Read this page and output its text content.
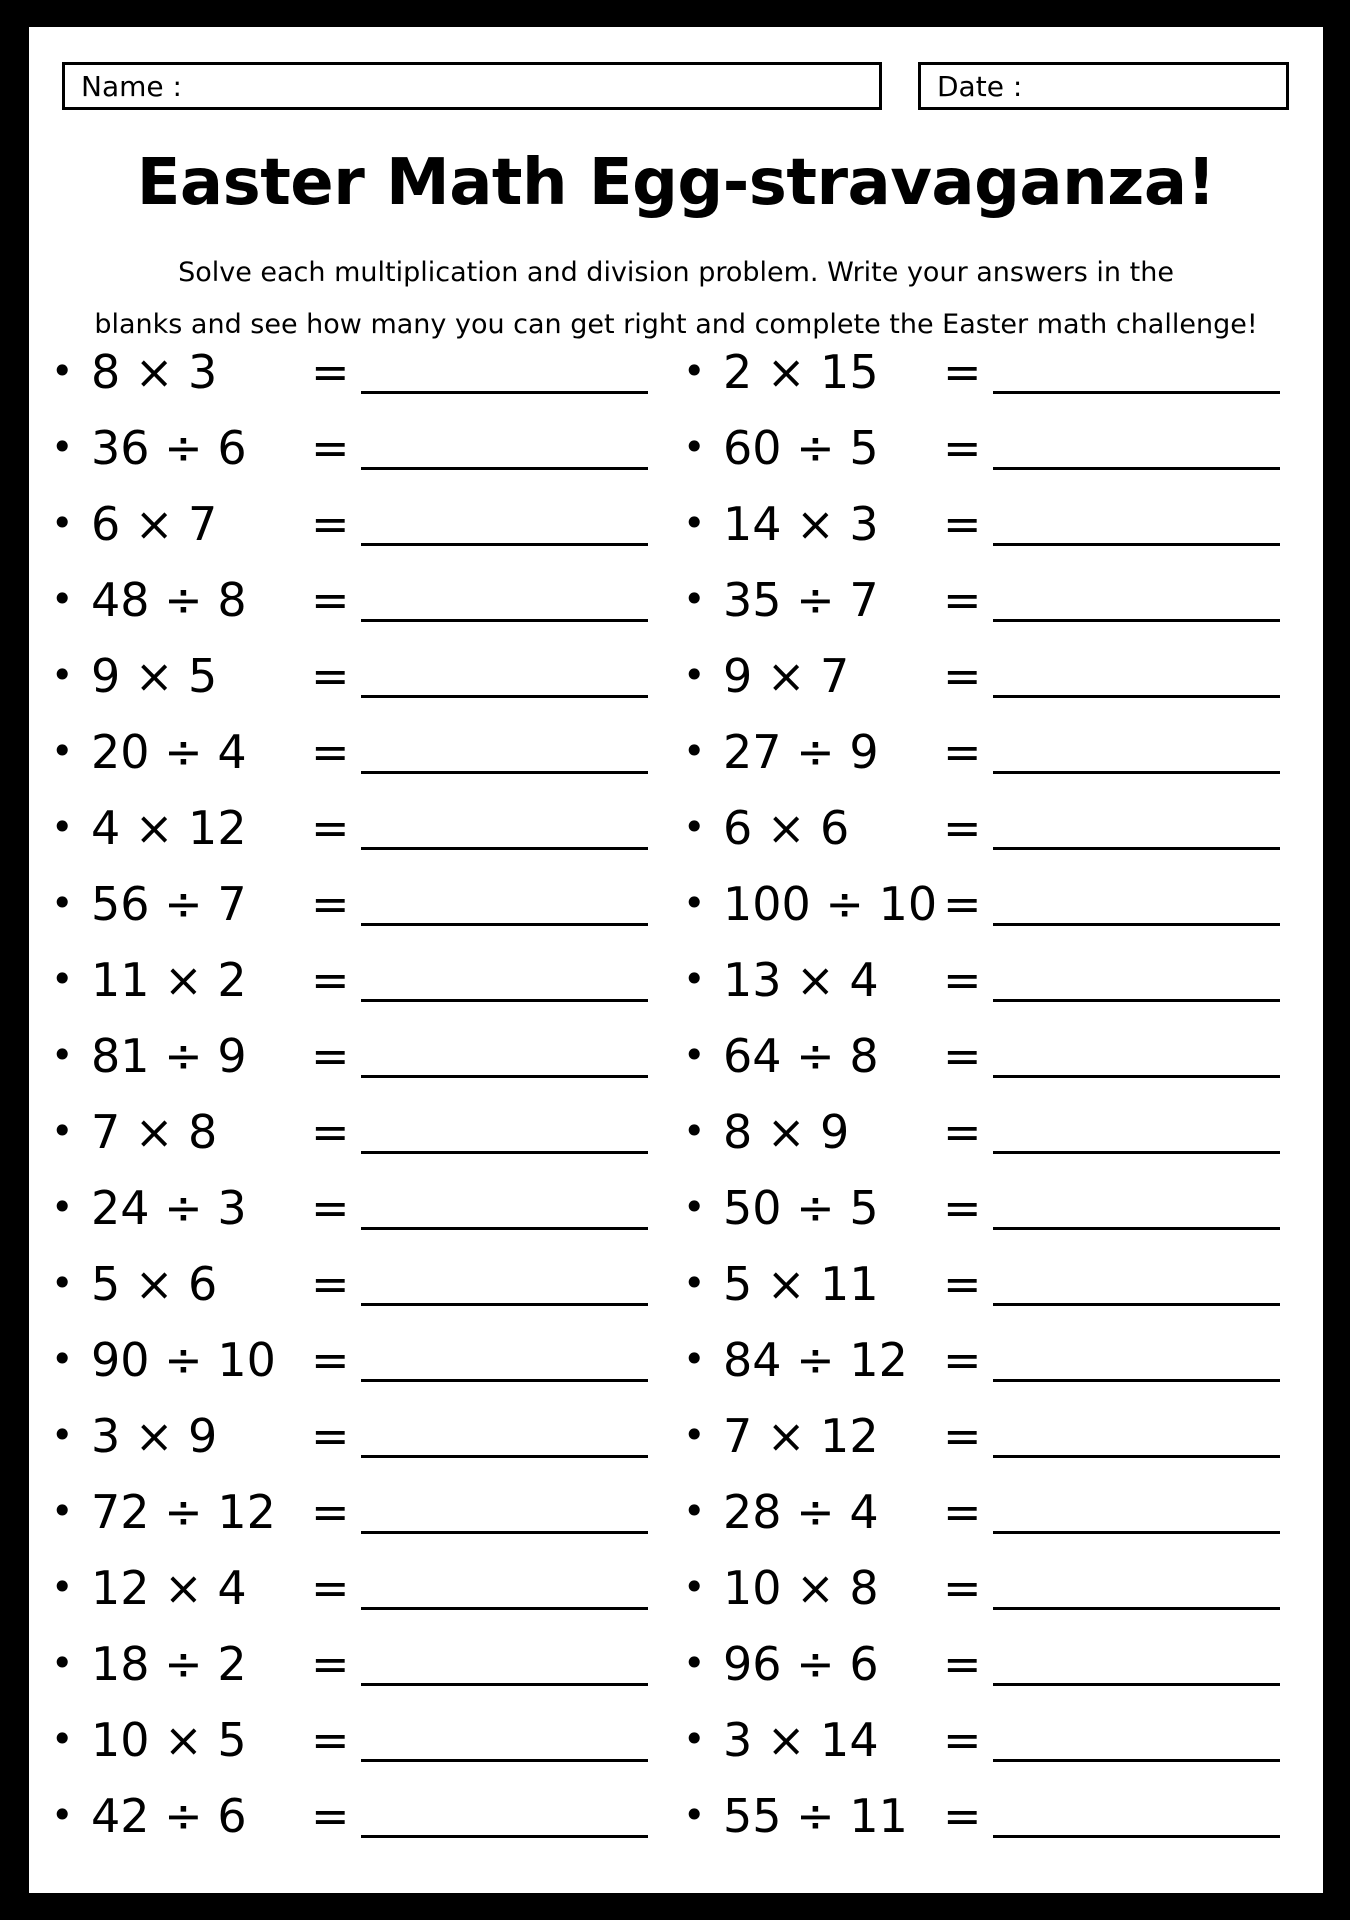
Name :	Date :
Easter Math Egg-stravaganza!

Solve each multiplication and division problem. Write your answers in the
blanks and see how many you can get right and complete the Easter math challenge!

• 8 × 3 =
• 36 ÷ 6 =
• 6 × 7 =
• 48 ÷ 8 =
• 9 × 5 =
• 20 ÷ 4 =
• 4 × 12 =
• 56 ÷ 7 =
• 11 × 2 =
• 81 ÷ 9 =
• 7 × 8 =
• 24 ÷ 3 =
• 5 × 6 =
• 90 ÷ 10 =
• 3 × 9 =
• 72 ÷ 12 =
• 12 × 4 =
• 18 ÷ 2 =
• 10 × 5 =
• 42 ÷ 6 =
• 2 × 15 =
• 60 ÷ 5 =
• 14 × 3 =
• 35 ÷ 7 =
• 9 × 7 =
• 27 ÷ 9 =
• 6 × 6 =
• 100 ÷ 10 =
• 13 × 4 =
• 64 ÷ 8 =
• 8 × 9 =
• 50 ÷ 5 =
• 5 × 11 =
• 84 ÷ 12 =
• 7 × 12 =
• 28 ÷ 4 =
• 10 × 8 =
• 96 ÷ 6 =
• 3 × 14 =
• 55 ÷ 11 =
